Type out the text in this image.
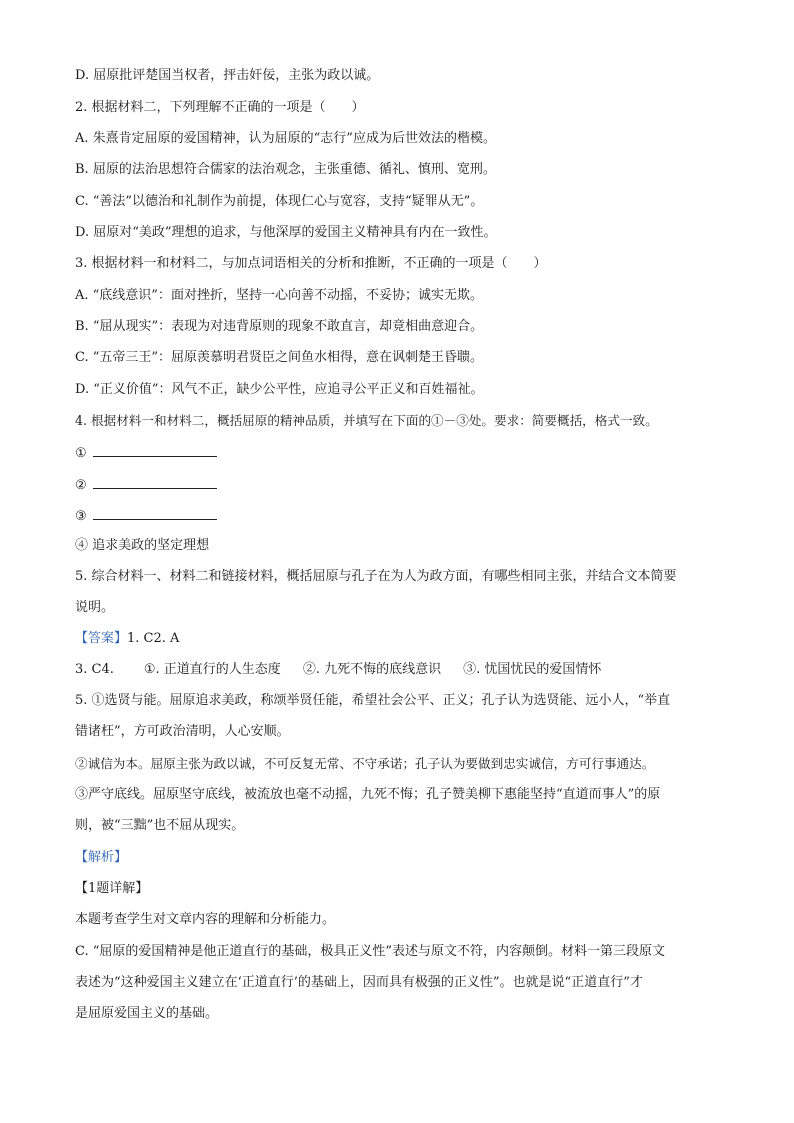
D. 屈原批评楚国当权者，抨击奸佞，主张为政以诚。
2. 根据材料二，下列理解不正确的一项是（　　）
A. 朱熹肯定屈原的爱国精神，认为屈原的“志行”应成为后世效法的楷模。
B. 屈原的法治思想符合儒家的法治观念，主张重德、循礼、慎刑、宽刑。
C. “善法”以德治和礼制作为前提，体现仁心与宽容，支持“疑罪从无”。
D. 屈原对“美政”理想的追求，与他深厚的爱国主义精神具有内在一致性。
3. 根据材料一和材料二，与加点词语相关的分析和推断，不正确的一项是（　　）
A. “底线意识”：面对挫折，坚持一心向善不动摇，不妥协；诚实无欺。
B. “屈从现实”：表现为对违背原则的现象不敢直言，却竟相曲意迎合。
C. “五帝三王”：屈原羡慕明君贤臣之间鱼水相得，意在讽刺楚王昏聩。
D. “正义价值”：风气不正，缺少公平性，应追寻公平正义和百姓福祉。
4. 根据材料一和材料二，概括屈原的精神品质，并填写在下面的①－③处。要求：简要概括，格式一致。
①
②
③
④ 追求美政的坚定理想
5. 综合材料一、材料二和链接材料，概括屈原与孔子在为人为政方面，有哪些相同主张，并结合文本简要
说明。
【答案】1. C2. A
3. C4. ①. 正道直行的人生态度 ②. 九死不悔的底线意识 ③. 忧国忧民的爱国情怀
5. ①选贤与能。屈原追求美政，称颂举贤任能，希望社会公平、正义；孔子认为选贤能、远小人，“举直
错诸枉”，方可政治清明，人心安顺。
②诚信为本。屈原主张为政以诚，不可反复无常、不守承诺；孔子认为要做到忠实诚信，方可行事通达。
③严守底线。屈原坚守底线，被流放也毫不动摇，九死不悔；孔子赞美柳下惠能坚持“直道而事人”的原
则，被“三黜”也不屈从现实。
【解析】
【1题详解】
本题考查学生对文章内容的理解和分析能力。
C. “屈原的爱国精神是他正道直行的基础，极具正义性”表述与原文不符，内容颠倒。材料一第三段原文
表述为“这种爱国主义建立在‘正道直行’的基础上，因而具有极强的正义性”。也就是说“正道直行”才
是屈原爱国主义的基础。
